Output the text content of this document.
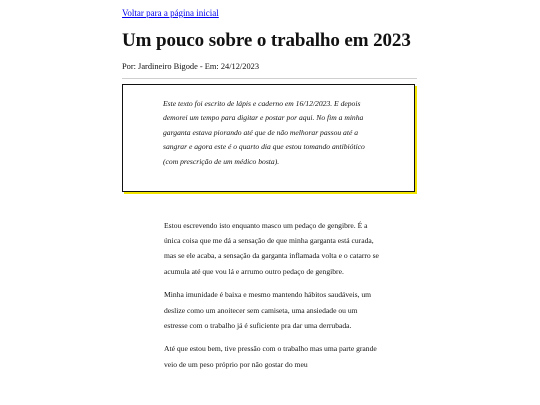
Voltar para a página inicial
Um pouco sobre o trabalho em 2023
Por: Jardineiro Bigode - Em: 24/12/2023

Este texto foi escrito de lápis e caderno em 16/12/2023. E depois demorei um tempo para digitar e postar por aqui. No fim a minha garganta estava piorando até que de não melhorar passou até a sangrar e agora este é o quarto dia que estou tomando antibiótico (com prescrição de um médico bosta).

Estou escrevendo isto enquanto masco um pedaço de gengibre. É a única coisa que me dá a sensação de que minha garganta está curada, mas se ele acaba, a sensação da garganta inflamada volta e o catarro se acumula até que vou lá e arrumo outro pedaço de gengibre.

Minha imunidade é baixa e mesmo mantendo hábitos saudáveis, um deslize como um anoitecer sem camiseta, uma ansiedade ou um estresse com o trabalho já é suficiente pra dar uma derrubada.

Até que estou bem, tive pressão com o trabalho mas uma parte grande veio de um peso próprio por não gostar do meu
